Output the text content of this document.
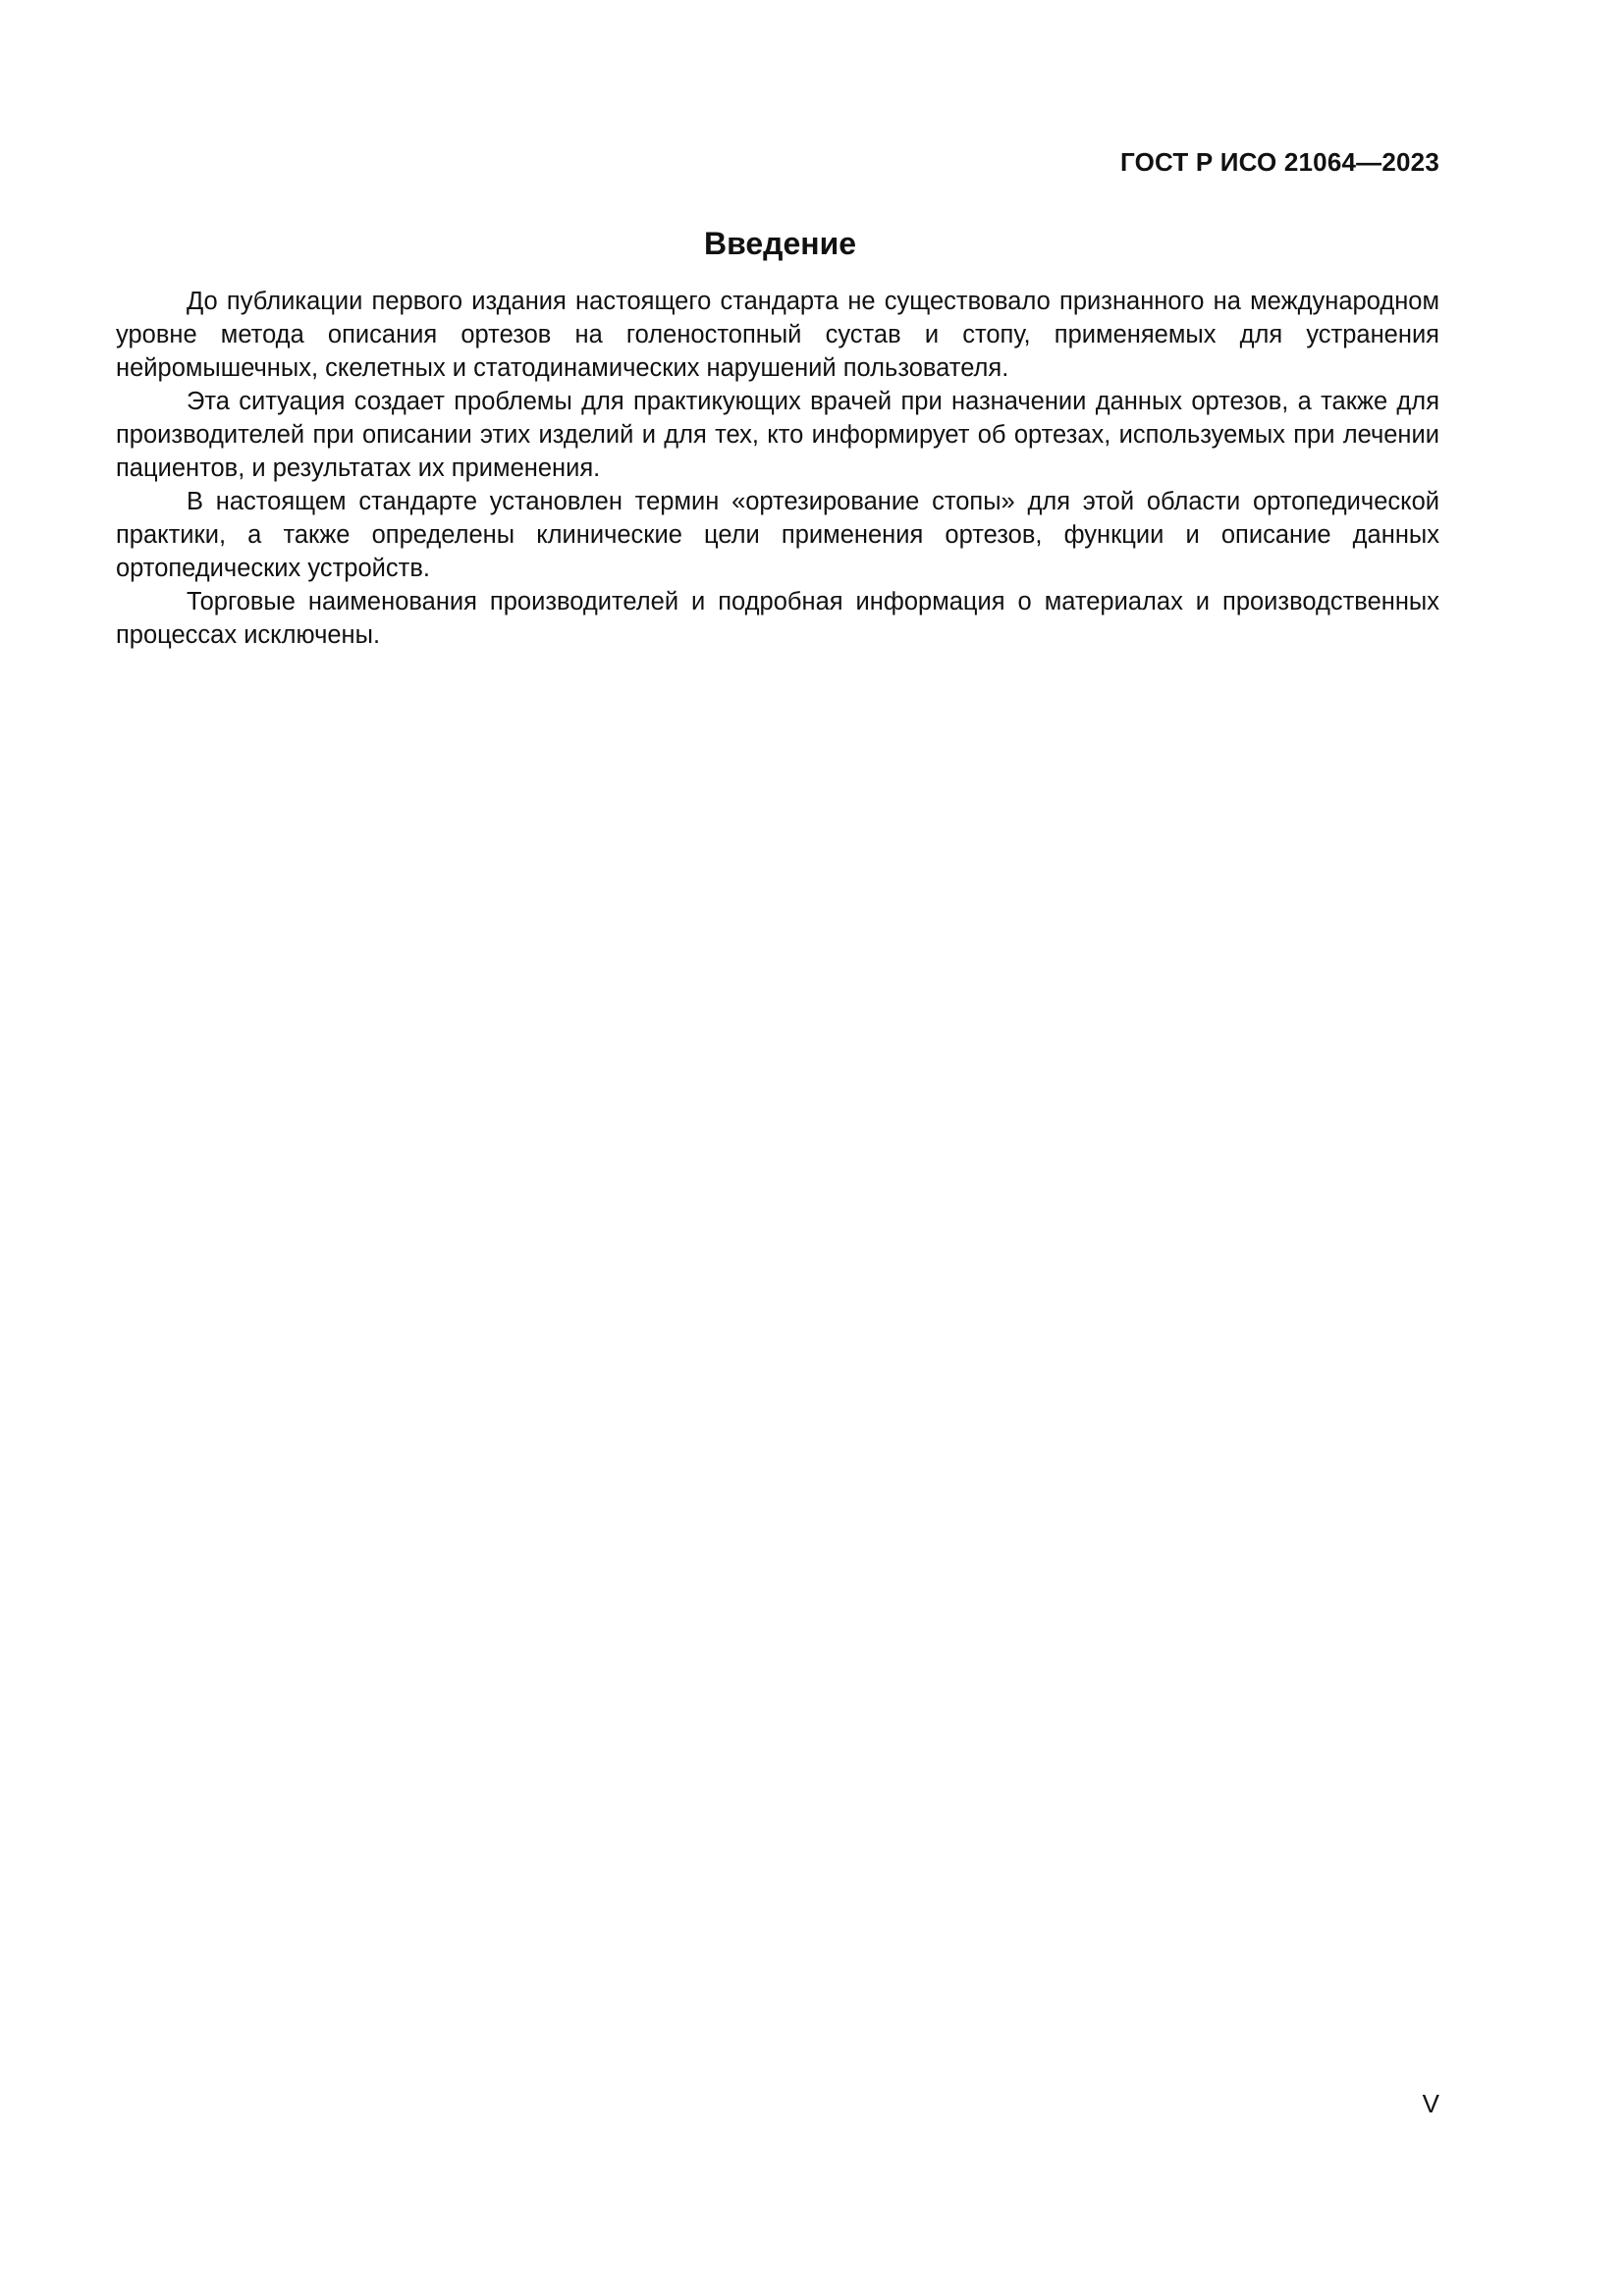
ГОСТ Р ИСО 21064—2023
Введение

До публикации первого издания настоящего стандарта не существовало признанного на международном уровне метода описания ортезов на голеностопный сустав и стопу, применяемых для устранения нейромышечных, скелетных и статодинамических нарушений пользователя.

Эта ситуация создает проблемы для практикующих врачей при назначении данных ортезов, а также для производителей при описании этих изделий и для тех, кто информирует об ортезах, используемых при лечении пациентов, и результатах их применения.

В настоящем стандарте установлен термин «ортезирование стопы» для этой области ортопедической практики, а также определены клинические цели применения ортезов, функции и описание данных ортопедических устройств.

Торговые наименования производителей и подробная информация о материалах и производственных процессах исключены.

V
